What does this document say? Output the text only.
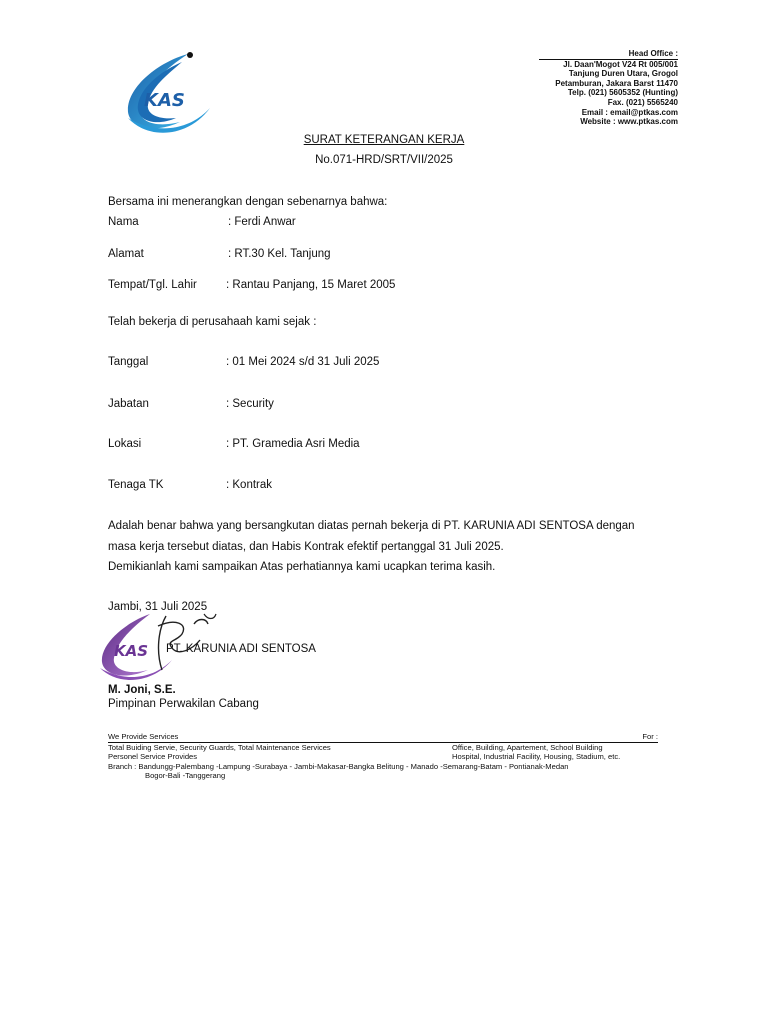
KAS
Head Office :
Jl. Daan'Mogot V24 Rt 005/001
Tanjung Duren Utara, Grogol
Petamburan, Jakara Barst 11470
Telp. (021) 5605352 (Hunting)
Fax. (021) 5565240
Email : email@ptkas.com
Website : www.ptkas.com
SURAT KETERANGAN KERJA
No.071-HRD/SRT/VII/2025
Bersama ini menerangkan dengan sebenarnya bahwa:
Nama	: Ferdi Anwar
Alamat	: RT.30 Kel. Tanjung
Tempat/Tgl. Lahir	: Rantau Panjang, 15 Maret 2005
Telah bekerja di perusahaah kami sejak :
Tanggal	: 01 Mei 2024 s/d 31 Juli 2025
Jabatan	: Security
Lokasi	: PT. Gramedia Asri Media
Tenaga TK	: Kontrak
Adalah benar bahwa yang bersangkutan diatas pernah bekerja di PT. KARUNIA ADI SENTOSA dengan
masa kerja tersebut diatas, dan Habis Kontrak efektif pertanggal 31 Juli 2025.
Demikianlah kami sampaikan Atas perhatiannya kami ucapkan terima kasih.
Jambi, 31 Juli 2025
KAS PT. KARUNIA ADI SENTOSA
M. Joni, S.E.
Pimpinan Perwakilan Cabang
We Provide Services	For :
Total Buiding Servie, Security Guards, Total Maintenance Services	Office, Building, Apartement, School Building
Personel Service Provides	Hospital, Industrial Facility, Housing, Stadium, etc.
Branch : Bandungg-Palembang -Lampung -Surabaya - Jambi-Makasar-Bangka Belitung - Manado -Semarang-Batam - Pontianak-Medan
Bogor-Bali -Tanggerang
